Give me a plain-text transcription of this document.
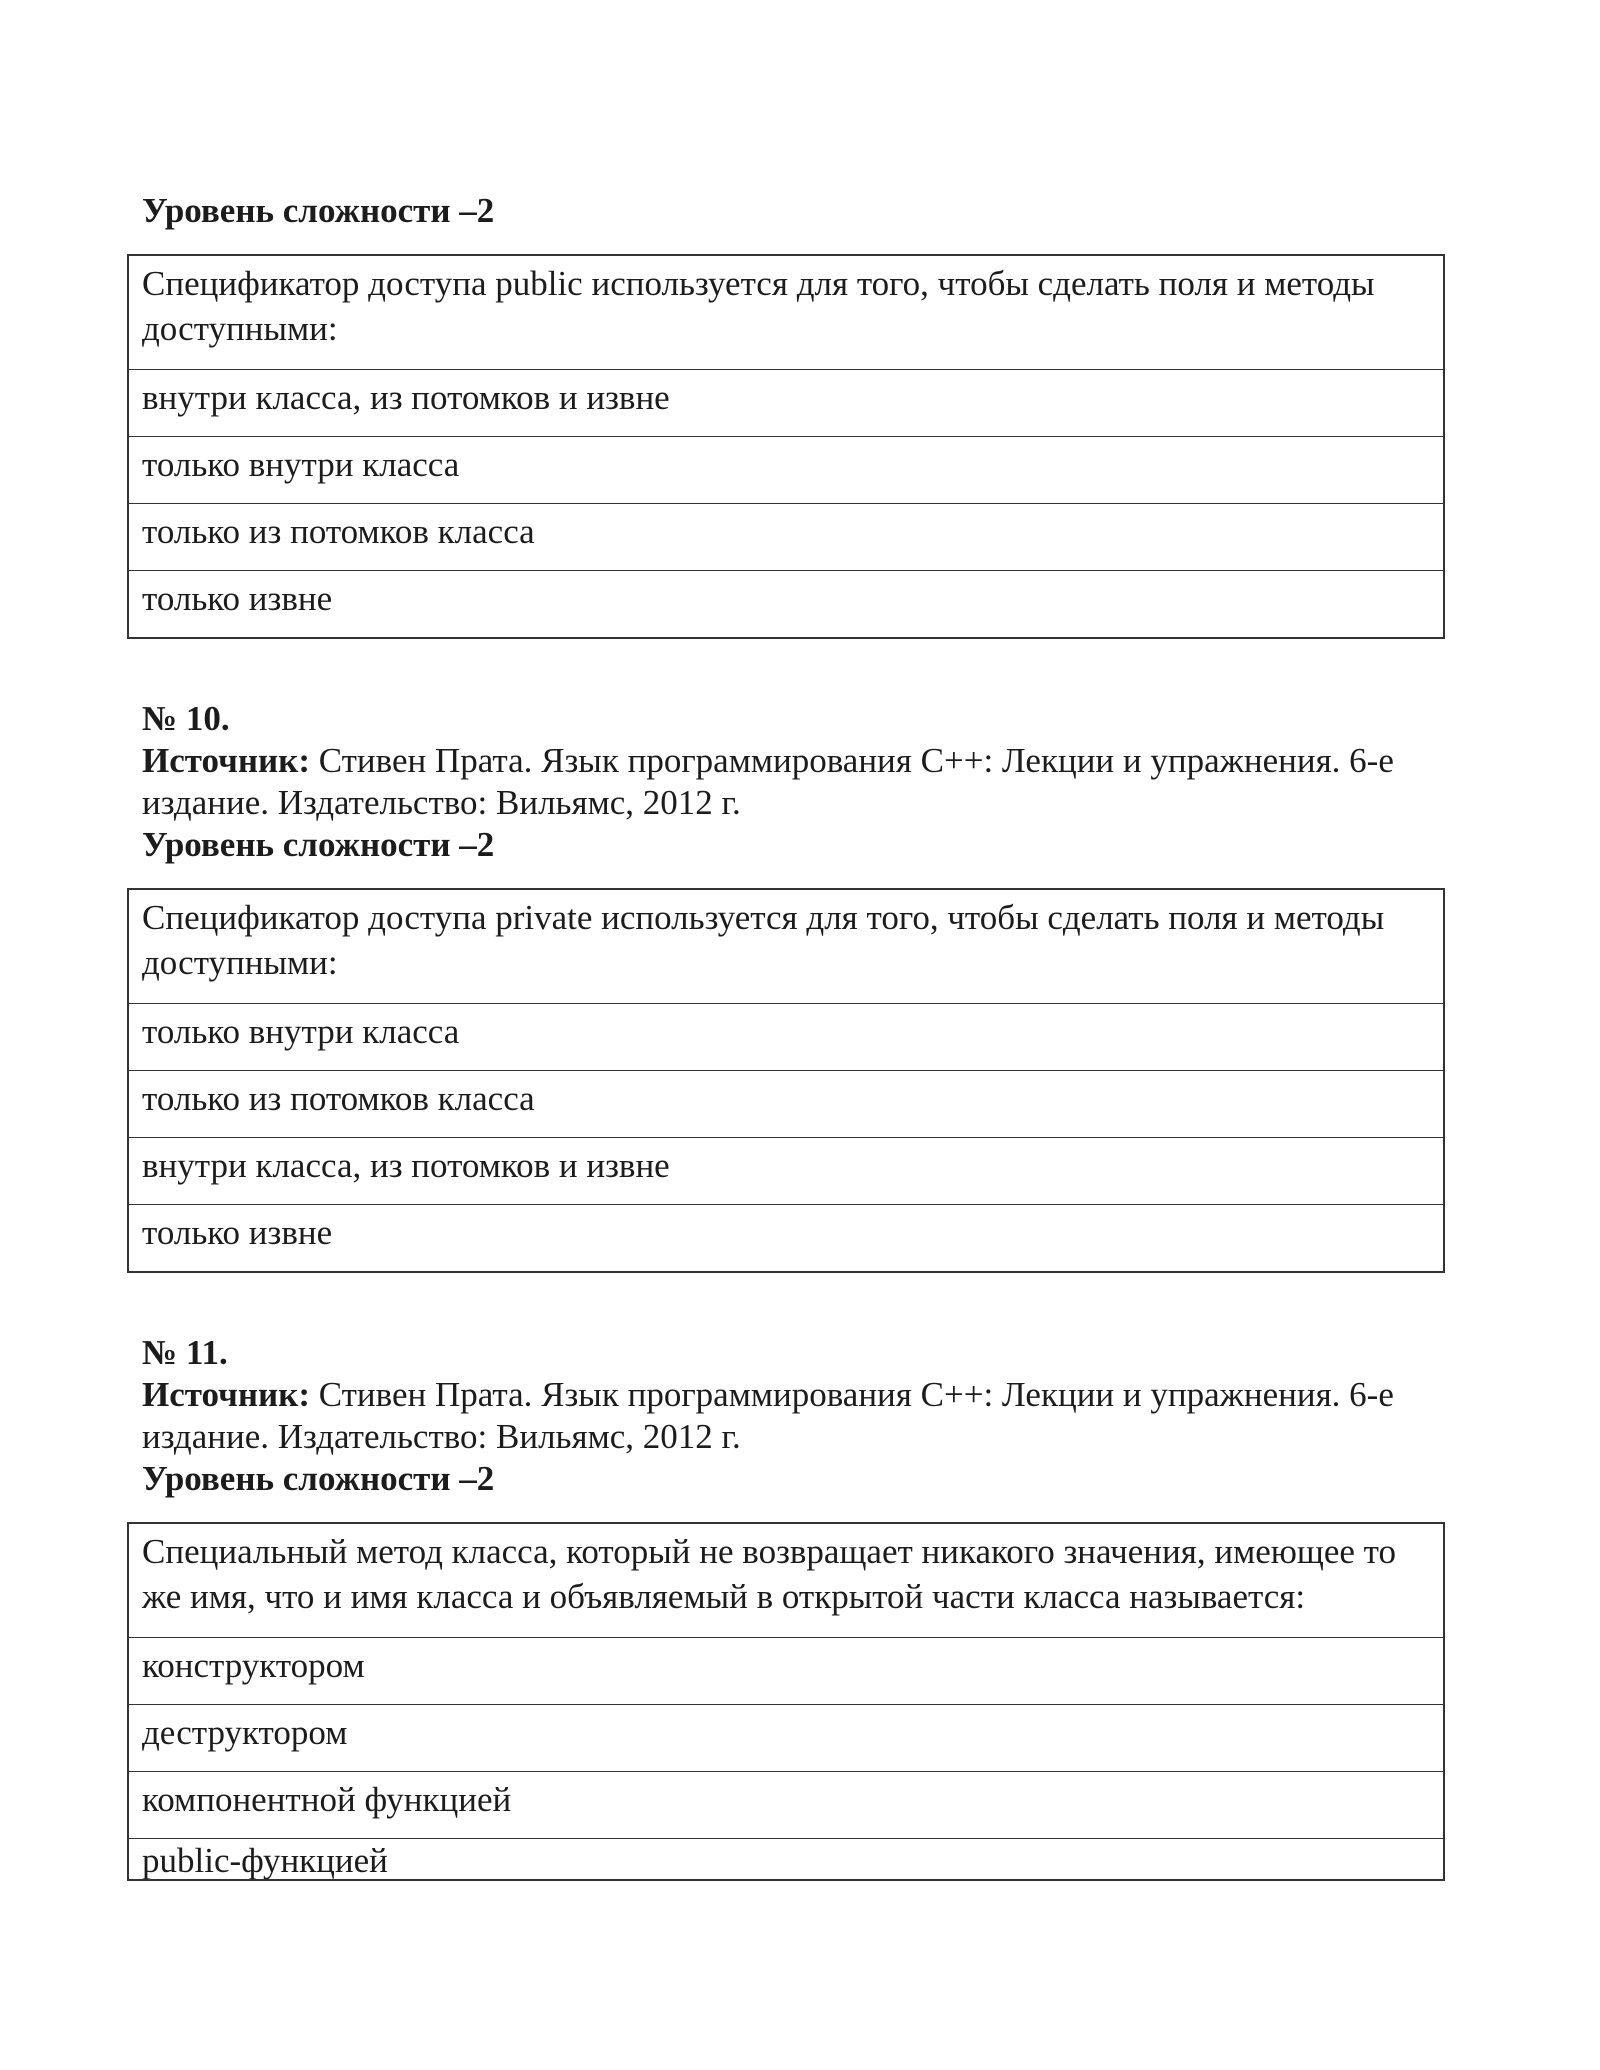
Уровень сложности –2

Спецификатор доступа public используется для того, чтобы сделать поля и методы доступными:
внутри класса, из потомков и извне
только внутри класса
только из потомков класса
только извне

№ 10.

Источник: Стивен Прата. Язык программирования C++: Лекции и упражнения. 6-е

издание. Издательство: Вильямс, 2012 г.

Уровень сложности –2

Спецификатор доступа private используется для того, чтобы сделать поля и методы доступными:
только внутри класса
только из потомков класса
внутри класса, из потомков и извне
только извне

№ 11.

Источник: Стивен Прата. Язык программирования C++: Лекции и упражнения. 6-е

издание. Издательство: Вильямс, 2012 г.

Уровень сложности –2

Специальный метод класса, который не возвращает никакого значения, имеющее то же имя, что и имя класса и объявляемый в открытой части класса называется:
конструктором
деструктором
компонентной функцией
public-функцией
